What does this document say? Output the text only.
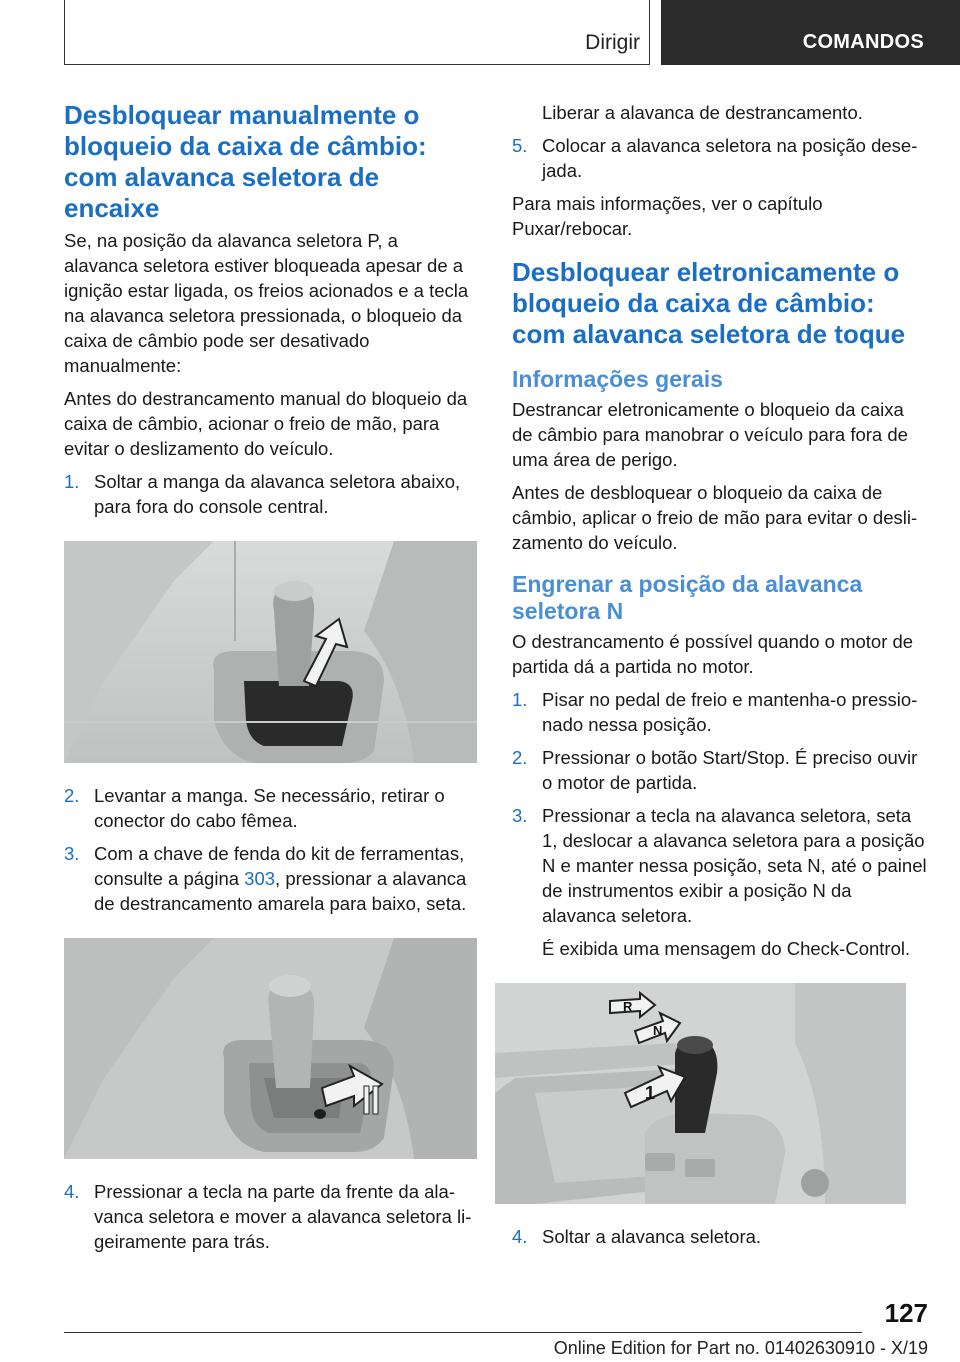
Dirigir	COMANDOS
Desbloquear manualmente o bloqueio da caixa de câmbio: com alavanca seletora de encaixe

Se, na posição da alavanca seletora P, a alavanca seletora estiver bloqueada apesar de a ignição estar ligada, os freios acionados e a tecla na alavanca seletora pressionada, o bloqueio da caixa de câmbio pode ser desativado manualmente:

Antes do destrancamento manual do bloqueio da caixa de câmbio, acionar o freio de mão, para evitar o deslizamento do veículo.

1. Soltar a manga da alavanca seletora abaixo, para fora do console central.
2. Levantar a manga. Se necessário, retirar o conector do cabo fêmea.
3. Com a chave de fenda do kit de ferramentas, consulte a página 303, pressionar a alavanca de destrancamento amarela para baixo, seta.
4. Pressionar a tecla na parte da frente da alavanca seletora e mover a alavanca seletora ligeiramente para trás.

Liberar a alavanca de destrancamento.

5. Colocar a alavanca seletora na posição desejada.

Para mais informações, ver o capítulo Puxar/rebocar.

Desbloquear eletronicamente o bloqueio da caixa de câmbio: com alavanca seletora de toque
Informações gerais

Destrancar eletronicamente o bloqueio da caixa de câmbio para manobrar o veículo para fora de uma área de perigo.

Antes de desbloquear o bloqueio da caixa de câmbio, aplicar o freio de mão para evitar o deslizamento do veículo.

Engrenar a posição da alavanca seletora N

O destrancamento é possível quando o motor de partida dá a partida no motor.

1. Pisar no pedal de freio e mantenha-o pressionado nessa posição.
2. Pressionar o botão Start/Stop. É preciso ouvir o motor de partida.
3. Pressionar a tecla na alavanca seletora, seta 1, deslocar a alavanca seletora para a posição N e manter nessa posição, seta N, até o painel de instrumentos exibir a posição N da alavanca seletora.

É exibida uma mensagem do Check-Control.

R
N
1
4. Soltar a alavanca seletora.
127
Online Edition for Part no. 01402630910 - X/19
